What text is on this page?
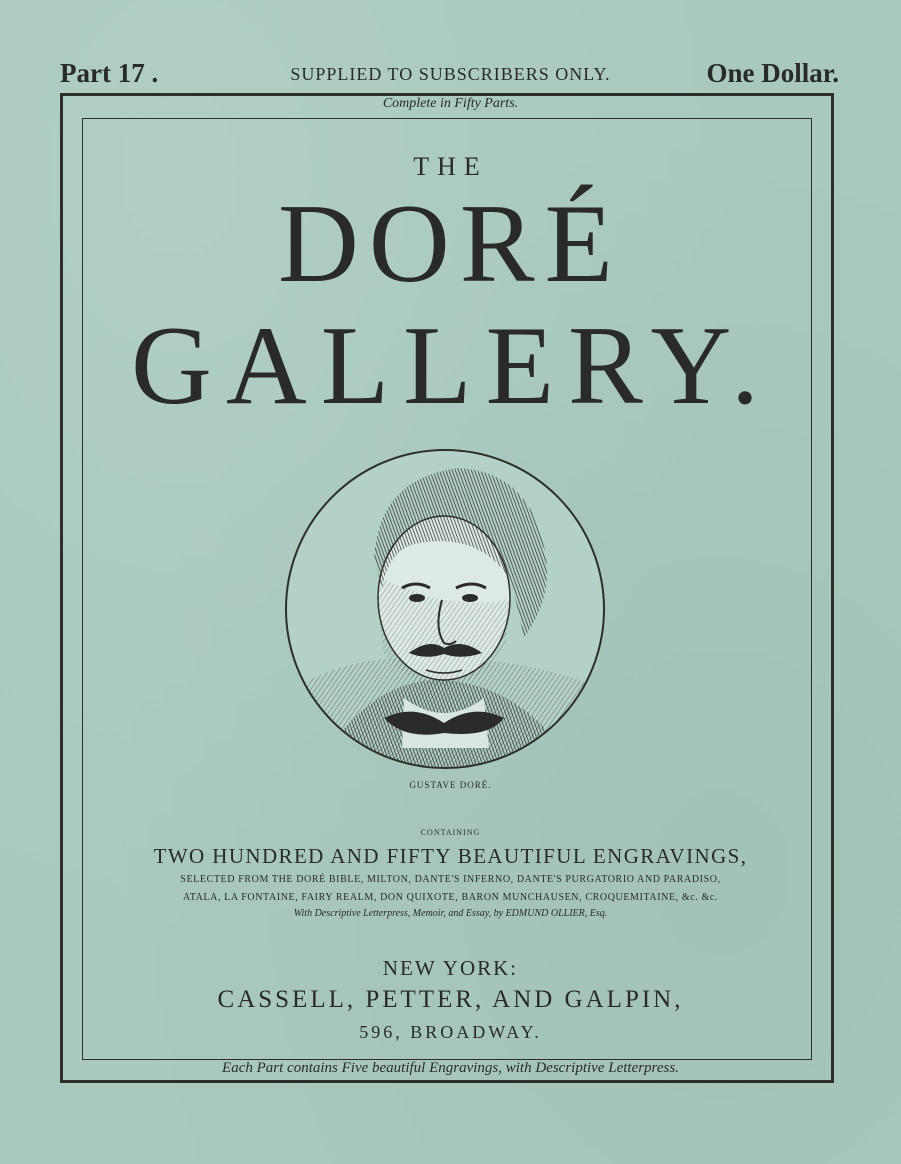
Part 17 .	SUPPLIED TO SUBSCRIBERS ONLY.	One Dollar.

Complete in Fifty Parts.

THE

DORÉ

GALLERY.

GUSTAVE DORÉ.

CONTAINING

TWO HUNDRED AND FIFTY BEAUTIFUL ENGRAVINGS,

SELECTED FROM THE DORÉ BIBLE, MILTON, DANTE'S INFERNO, DANTE'S PURGATORIO AND PARADISO,

ATALA, LA FONTAINE, FAIRY REALM, DON QUIXOTE, BARON MUNCHAUSEN, CROQUEMITAINE, &c. &c.

With Descriptive Letterpress, Memoir, and Essay, by EDMUND OLLIER, Esq.

NEW YORK:

CASSELL, PETTER, AND GALPIN,

596, BROADWAY.

Each Part contains Five beautiful Engravings, with Descriptive Letterpress.
